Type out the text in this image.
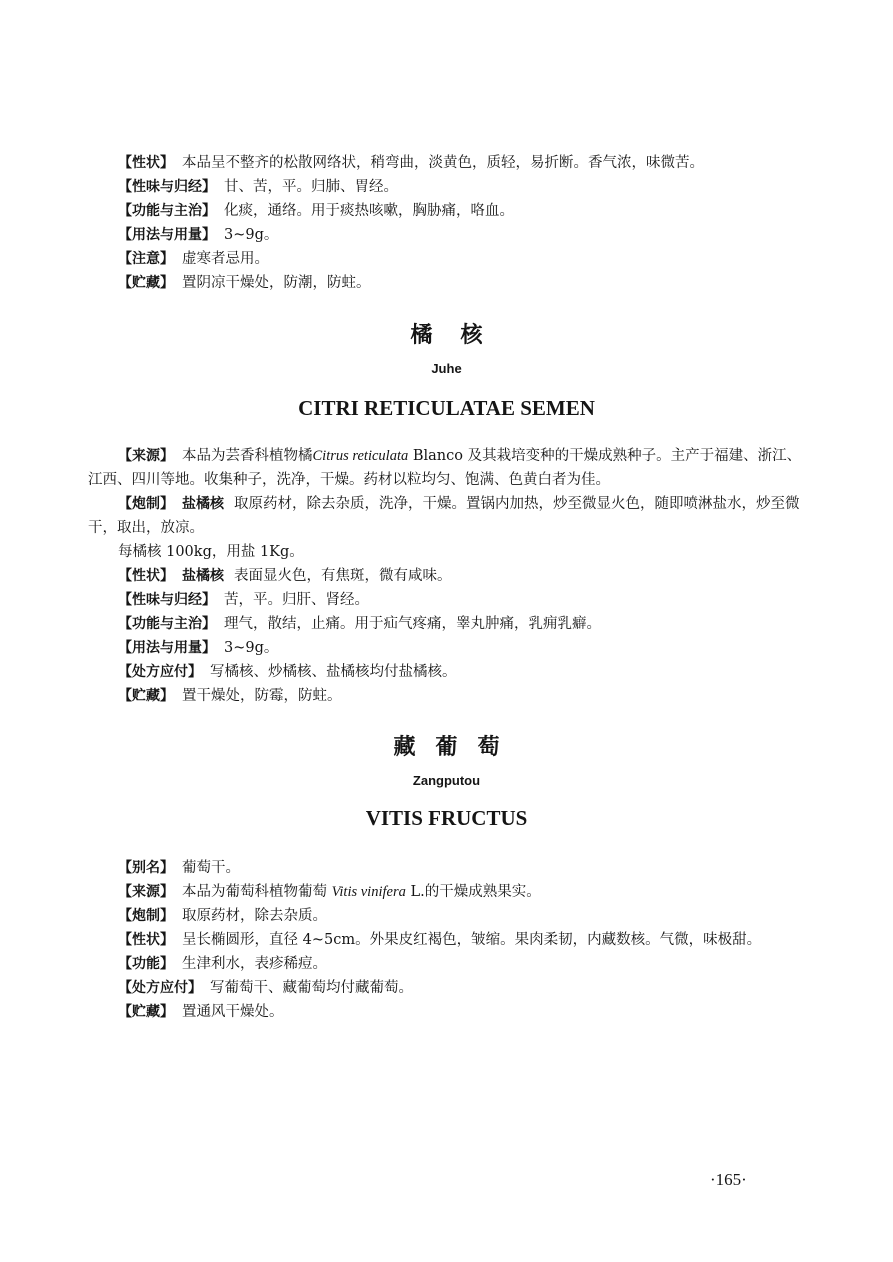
【性状】 本品呈不整齐的松散网络状，稍弯曲，淡黄色，质轻，易折断。香气浓，味微苦。
【性味与归经】 甘、苦，平。归肺、胃经。
【功能与主治】 化痰，通络。用于痰热咳嗽，胸胁痛，咯血。
【用法与用量】 3~9g。
【注意】 虚寒者忌用。
【贮藏】 置阴凉干燥处，防潮，防蛀。
橘核
Juhe
CITRI RETICULATAE SEMEN
【来源】 本品为芸香科植物橘Citrus reticulata Blanco 及其栽培变种的干燥成熟种子。主产于福建、浙江、江西、四川等地。收集种子，洗净，干燥。药材以粒均匀、饱满、色黄白者为佳。
【炮制】 盐橘核 取原药材，除去杂质，洗净，干燥。置锅内加热，炒至微显火色，随即喷淋盐水，炒至微干，取出，放凉。
每橘核 100kg，用盐 1Kg。
【性状】 盐橘核 表面显火色，有焦斑，微有咸味。
【性味与归经】 苦，平。归肝、肾经。
【功能与主治】 理气，散结，止痛。用于疝气疼痛，睾丸肿痛，乳痈乳癖。
【用法与用量】 3~9g。
【处方应付】 写橘核、炒橘核、盐橘核均付盐橘核。
【贮藏】 置干燥处，防霉，防蛀。
藏葡萄
Zangputou
VITIS FRUCTUS
【别名】 葡萄干。
【来源】 本品为葡萄科植物葡萄 Vitis vinifera L.的干燥成熟果实。
【炮制】 取原药材，除去杂质。
【性状】 呈长椭圆形，直径 4~5cm。外果皮红褐色，皱缩。果肉柔韧，内藏数核。气微，味极甜。
【功能】 生津利水，表疹稀痘。
【处方应付】 写葡萄干、藏葡萄均付藏葡萄。
【贮藏】 置通风干燥处。
·165·
